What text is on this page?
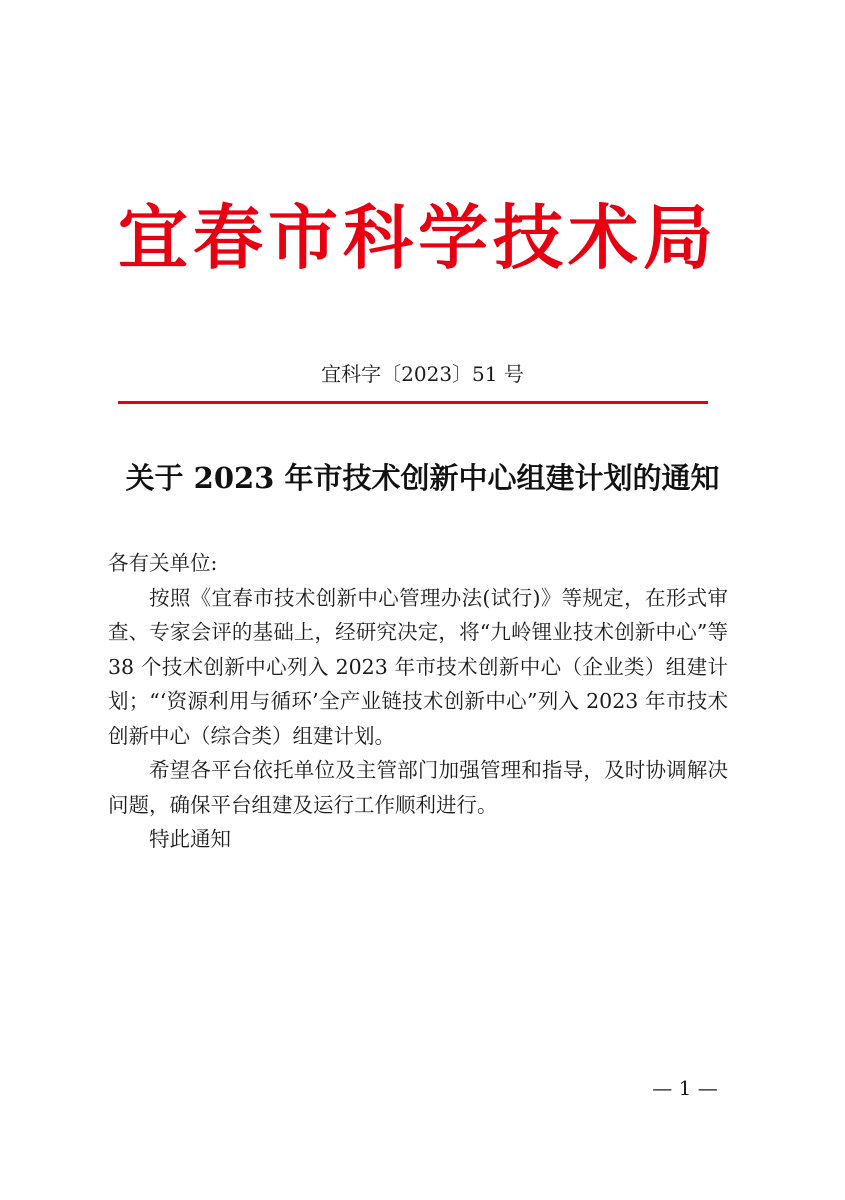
宜春市科学技术局
宜科字〔2023〕51 号
关于 2023 年市技术创新中心组建计划的通知

各有关单位:

按照《宜春市技术创新中心管理办法(试行)》等规定，在形式审查、专家会评的基础上，经研究决定，将“九岭锂业技术创新中心”等 38 个技术创新中心列入 2023 年市技术创新中心（企业类）组建计划；“‘资源利用与循环’全产业链技术创新中心”列入 2023 年市技术创新中心（综合类）组建计划。

希望各平台依托单位及主管部门加强管理和指导，及时协调解决问题，确保平台组建及运行工作顺利进行。

特此通知

— 1 —
